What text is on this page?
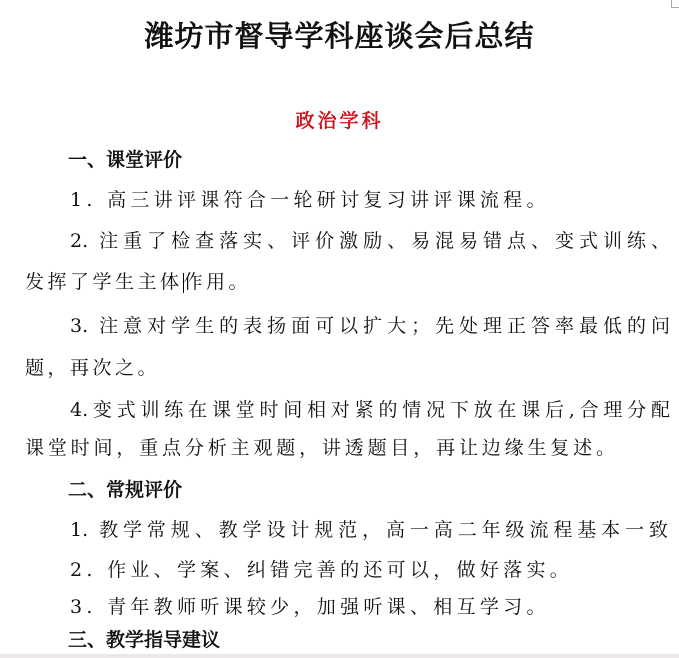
潍坊市督导学科座谈会后总结
政治学科
一、课堂评价
1. 高三讲评课符合一轮研讨复习讲评课流程。
2. 注重了检查落实、评价激励、易混易错点、变式训练、
发挥了学生主体作用。
3. 注意对学生的表扬面可以扩大；先处理正答率最低的问
题，再次之。
4.变式训练在课堂时间相对紧的情况下放在课后,合理分配
课堂时间，重点分析主观题，讲透题目，再让边缘生复述。
二、常规评价
1. 教学常规、教学设计规范，高一高二年级流程基本一致
2. 作业、学案、纠错完善的还可以，做好落实。
3. 青年教师听课较少，加强听课、相互学习。
三、教学指导建议
